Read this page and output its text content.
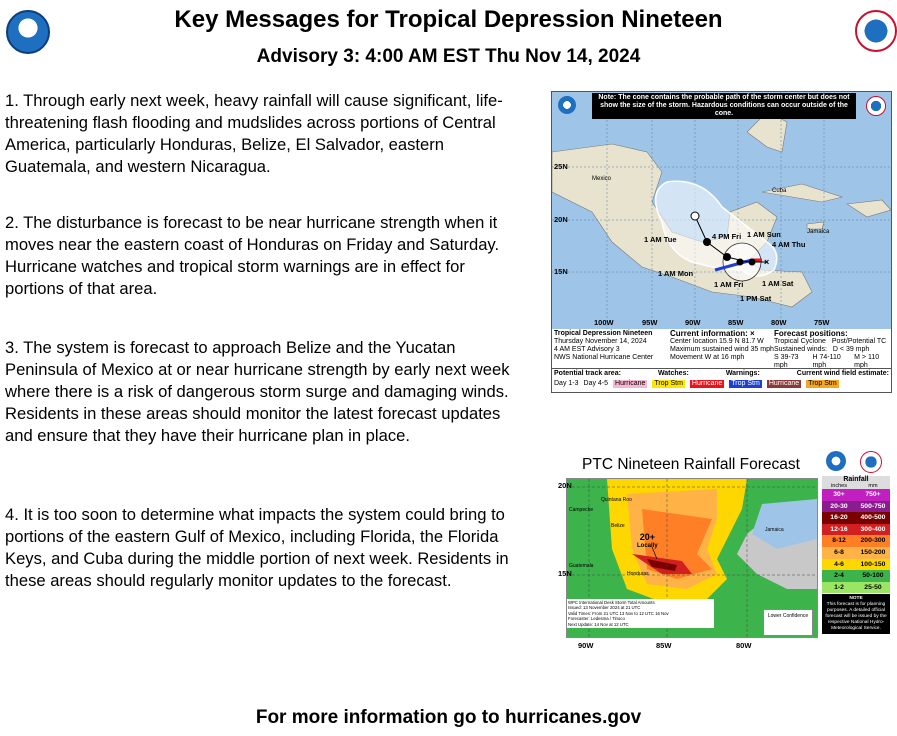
Key Messages for Tropical Depression Nineteen
Advisory 3: 4:00 AM EST Thu Nov 14, 2024
1. Through early next week, heavy rainfall will cause significant, life-threatening flash flooding and mudslides across portions of Central America, particularly Honduras, Belize, El Salvador, eastern Guatemala, and western Nicaragua.
2. The disturbance is forecast to be near hurricane strength when it moves near the eastern coast of Honduras on Friday and Saturday. Hurricane watches and tropical storm warnings are in effect for portions of that area.
3. The system is forecast to approach Belize and the Yucatan Peninsula of Mexico at or near hurricane strength by early next week where there is a risk of dangerous storm surge and damaging winds. Residents in these areas should monitor the latest forecast updates and ensure that they have their hurricane plan in place.
4. It is too soon to determine what impacts the system could bring to portions of the eastern Gulf of Mexico, including Florida, the Florida Keys, and Cuba during the middle portion of next week. Residents in these areas should regularly monitor updates to the forecast.
×
Note: The cone contains the probable path of the storm center but does not show the size of the storm. Hazardous conditions can occur outside of the cone.
25N
20N
15N
100W	95W	90W	85W	80W	75W
1 AM Tue	4 PM Fri 1 AM Sun
4 AM Thu
1 AM Mon
1 AM Fri 1 AM Sat
1 PM Sat
Mexico
Cuba
Jamaica
Tropical Depression Nineteen
Thursday November 14, 2024
4 AM EST Advisory 3
NWS National Hurricane Center
Current information: ×
Center location 15.9 N 81.7 W
Maximum sustained wind 35 mph
Movement W at 16 mph
Forecast positions:
Tropical Cyclone Post/Potential TC
Sustained winds: D < 39 mph
S 39-73 mph
H 74-110 mph
M > 110 mph
Potential track area:	Watches:	Warnings:	Current wind field estimate:
Day 1-3 Day 4-5 Hurricane Trop Stm Hurricane Trop Stm Hurricane Trop Stm
PTC Nineteen Rainfall Forecast
20+
Locally
Quintana Roo
Campeche
Belize
Guatemala
Honduras
Jamaica
WPC International Desk Storm Total Amounts
Issued: 13 November 2024 at 21 UTC
Valid Times: From 21 UTC 13 Nov to 12 UTC 16 Nov
Forecaster: Ledesma / Tinoco
Next Update: 14 Nov at 12 UTC
Lower Confidence
20N
15N
90W	85W	80W
Rainfall
inches	mm
30+	750+
20-30	500-750
16-20	400-500
12-16	300-400
8-12	200-300
6-8	150-200
4-6	100-150
2-4	50-100
1-2	25-50
NOTE
This forecast is for planning purposes. A detailed official forecast will be issued by the respective National Hydro-Meteorological Service.
For more information go to hurricanes.gov
